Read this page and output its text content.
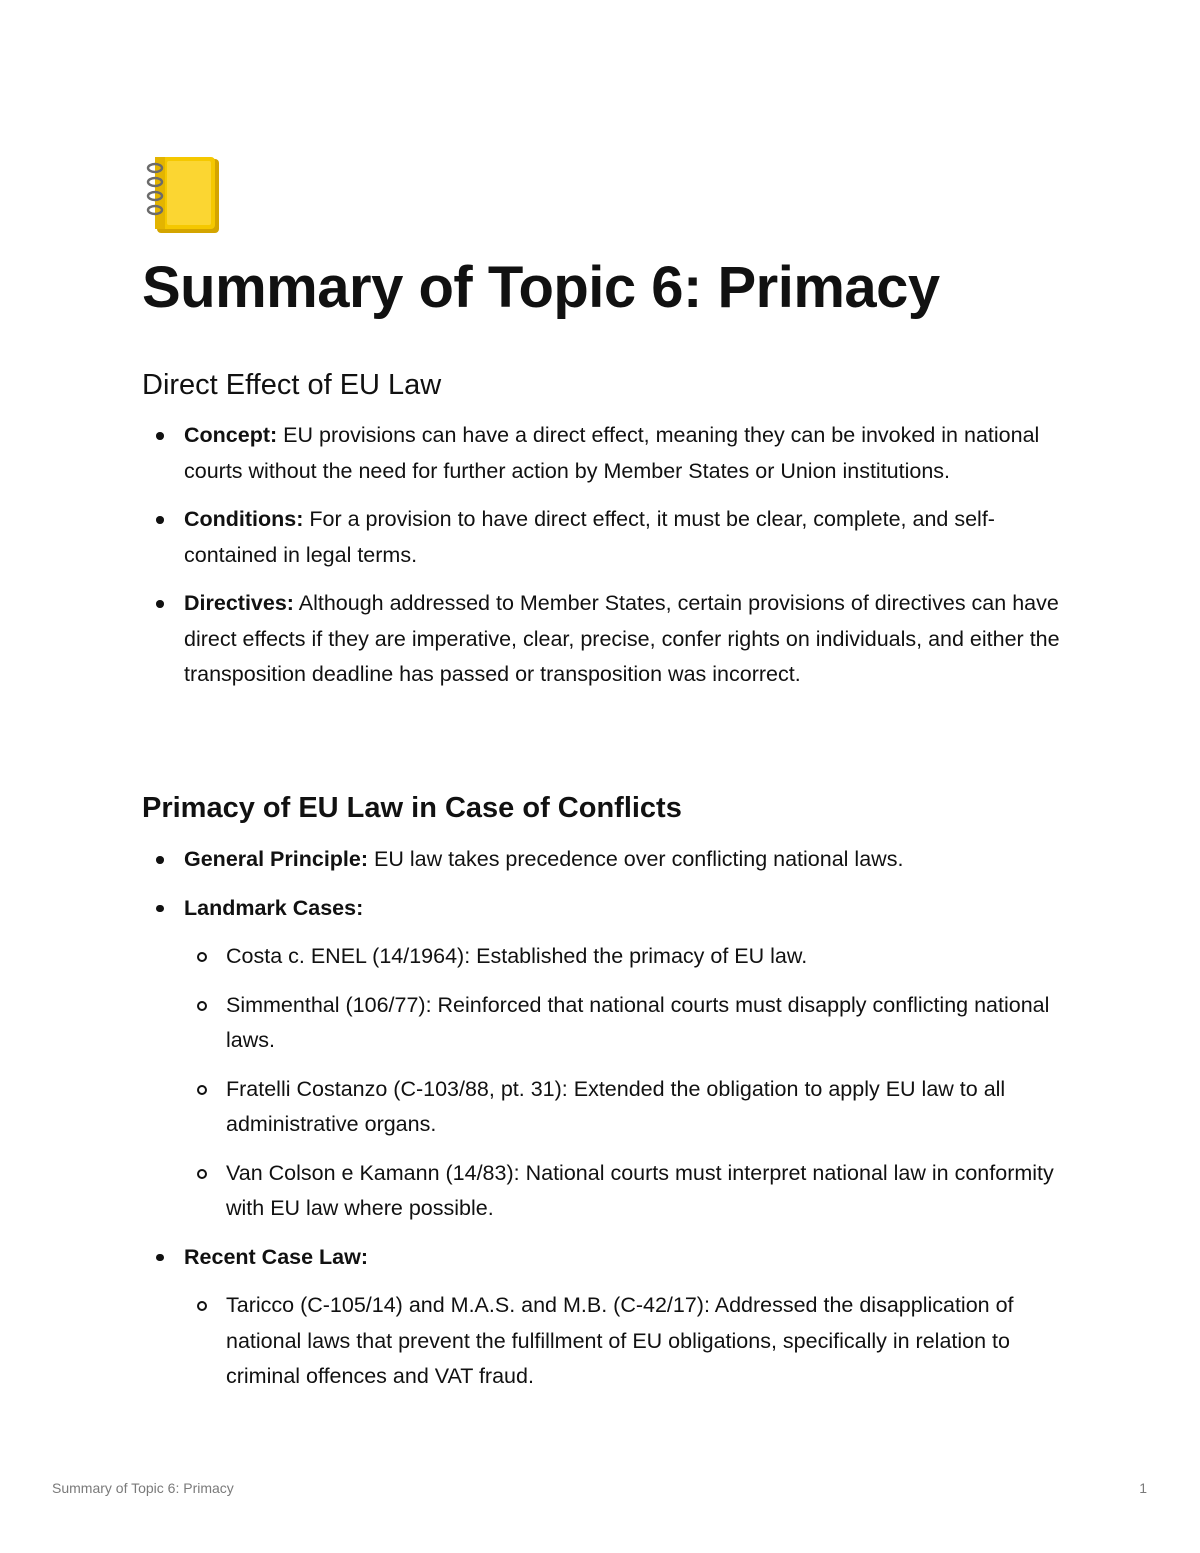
Summary of Topic 6: Primacy
Direct Effect of EU Law
Concept: EU provisions can have a direct effect, meaning they can be invoked in national courts without the need for further action by Member States or Union institutions.
Conditions: For a provision to have direct effect, it must be clear, complete, and self-contained in legal terms.
Directives: Although addressed to Member States, certain provisions of directives can have direct effects if they are imperative, clear, precise, confer rights on individuals, and either the transposition deadline has passed or transposition was incorrect.
Primacy of EU Law in Case of Conflicts
General Principle: EU law takes precedence over conflicting national laws.
Landmark Cases:
Costa c. ENEL (14/1964): Established the primacy of EU law.
Simmenthal (106/77): Reinforced that national courts must disapply conflicting national laws.
Fratelli Costanzo (C-103/88, pt. 31): Extended the obligation to apply EU law to all administrative organs.
Van Colson e Kamann (14/83): National courts must interpret national law in conformity with EU law where possible.
Recent Case Law:
Taricco (C-105/14) and M.A.S. and M.B. (C-42/17): Addressed the disapplication of national laws that prevent the fulfillment of EU obligations, specifically in relation to criminal offences and VAT fraud.
Summary of Topic 6: Primacy	1
